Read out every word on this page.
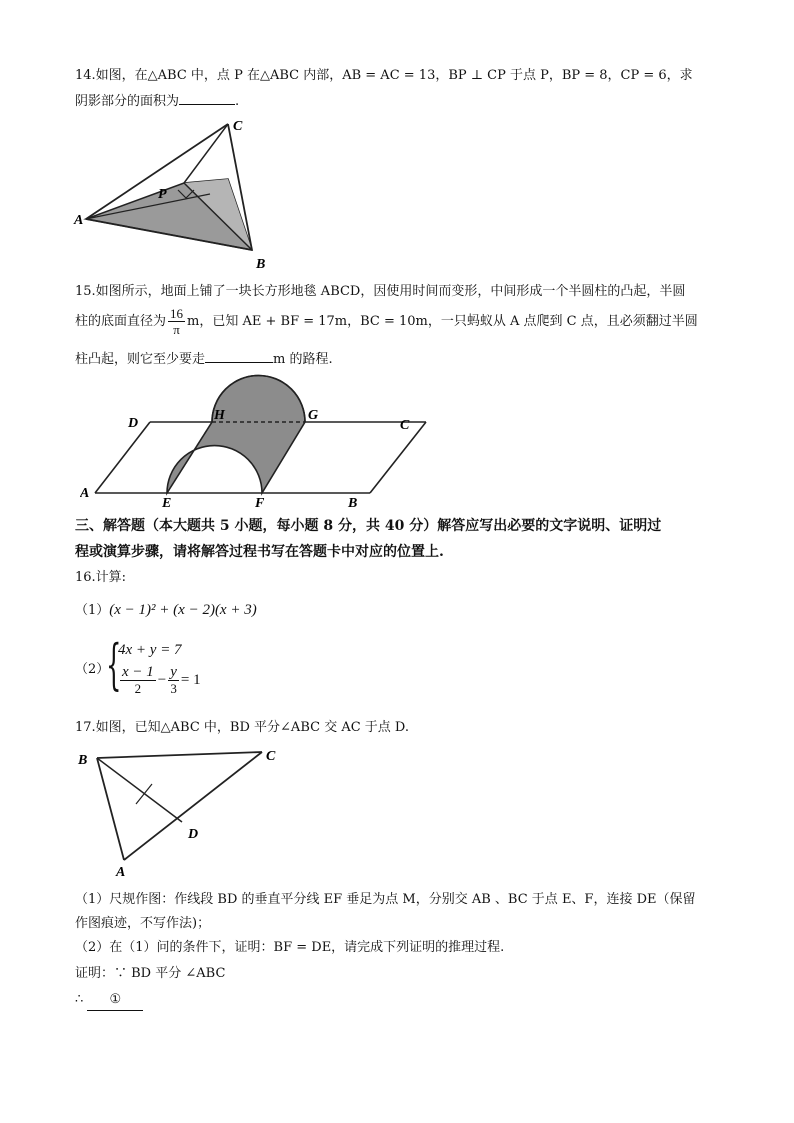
14.如图，在△ABC 中，点 P 在△ABC 内部，AB = AC = 13，BP ⊥ CP 于点 P，BP = 8，CP = 6，求
阴影部分的面积为	.
A
B
C
P
15.如图所示，地面上铺了一块长方形地毯 ABCD，因使用时间而变形，中间形成一个半圆柱的凸起，半圆
柱的底面直径为 $\frac{16}{\pi}$ m，已知 AE + BF = 17m，BC = 10m，一只蚂蚁从 A 点爬到 C 点，且必须翻过半圆
柱凸起，则它至少要走	m 的路程.
A
B
C
D
E	F
G
H
三、解答题（本大题共 5 小题，每小题 8 分，共 40 分）解答应写出必要的文字说明、证明过
程或演算步骤，请将解答过程书写在答题卡中对应的位置上.
16.计算:
（1）(x − 1)² + (x − 2)(x + 3)
（2）
{
4x + y = 7
$\frac{x - 1}{2} - \frac{y}{3} = 1$
17.如图，已知△ABC 中，BD 平分∠ABC 交 AC 于点 D.
B	C
D
A
（1）尺规作图：作线段 BD 的垂直平分线 EF 垂足为点 M，分别交 AB 、BC 于点 E、F，连接 DE（保留
作图痕迹，不写作法)；
（2）在（1）问的条件下，证明：BF = DE，请完成下列证明的推理过程.
证明：∵ BD 平分 ∠ABC
∴ ①
